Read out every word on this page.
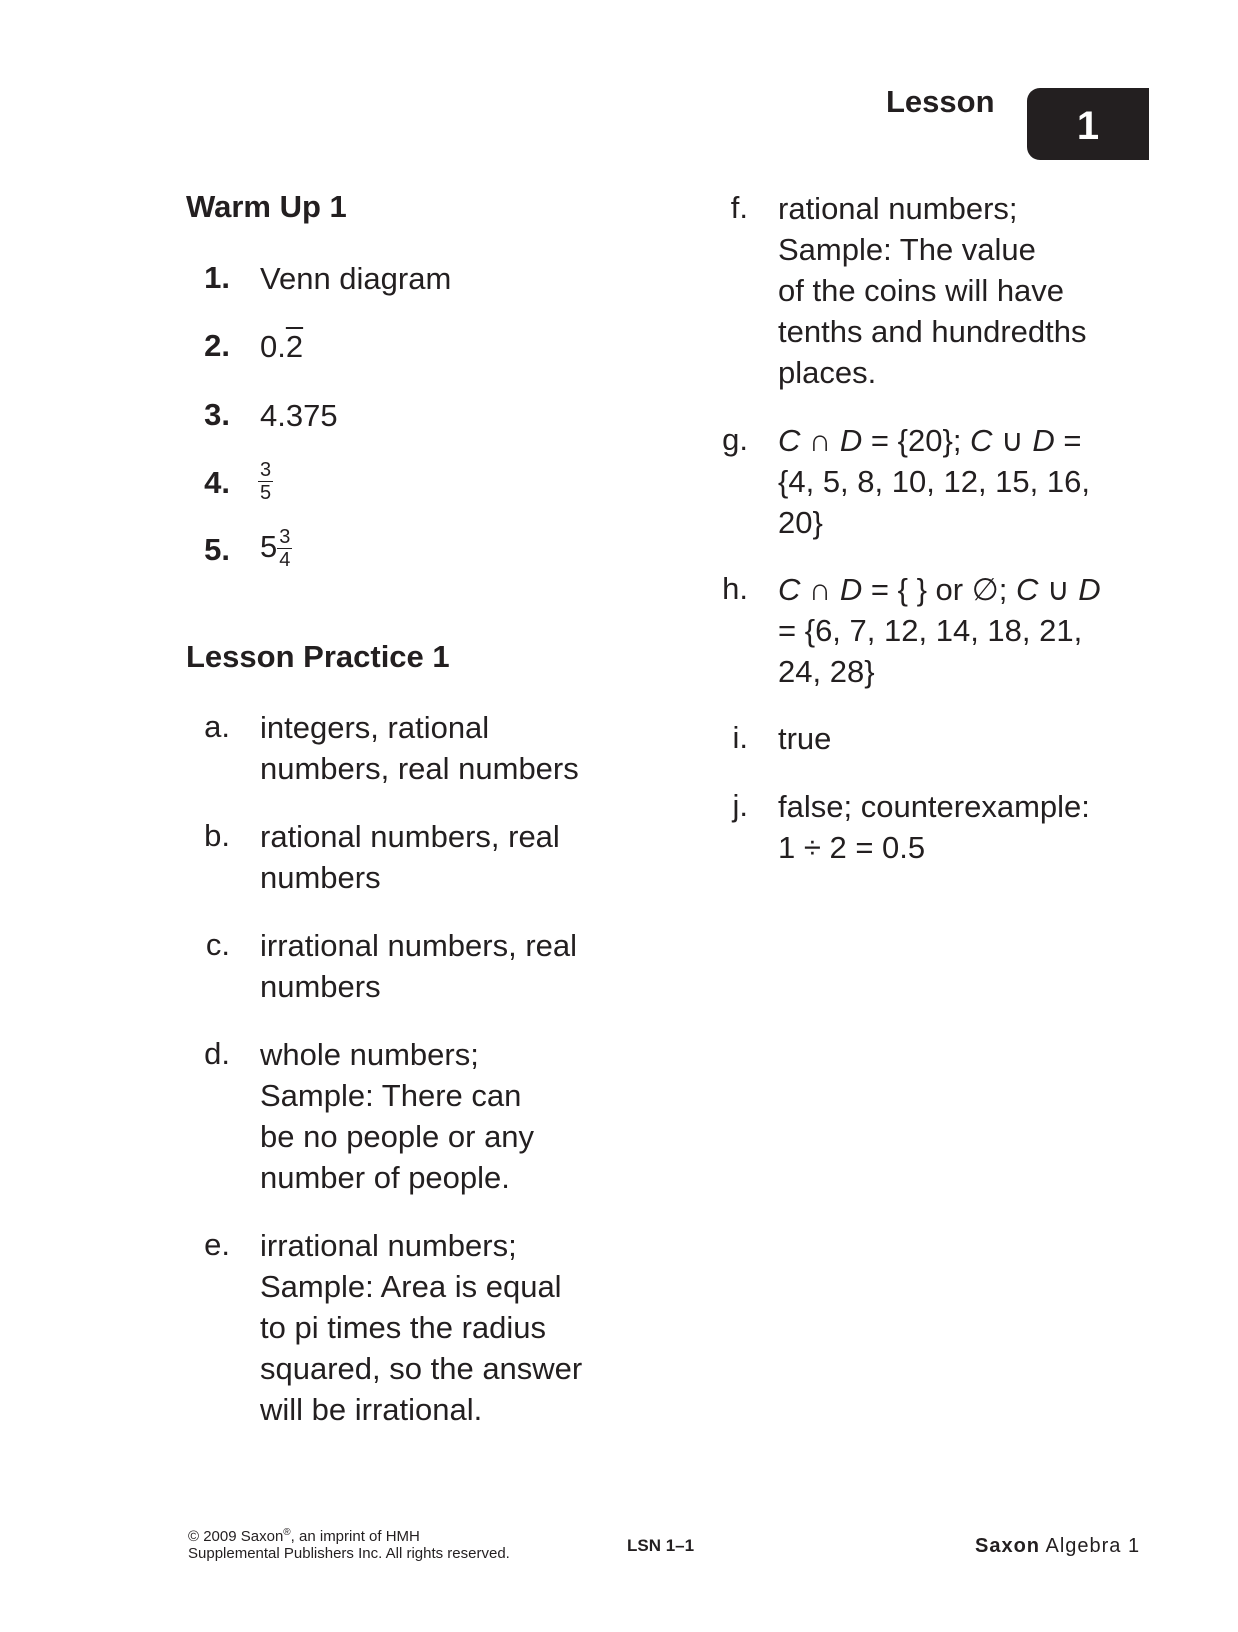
Lesson
1
Warm Up 1
1. Venn diagram
2. 0.2
3. 4.375
4. $\frac{3}{5}$
5. $5 \frac{3}{4}$
Lesson Practice 1
a. integers, rational
numbers, real numbers
b. rational numbers, real
numbers
c. irrational numbers, real
numbers
d. whole numbers;
Sample: There can
be no people or any
number of people.
e. irrational numbers;
Sample: Area is equal
to pi times the radius
squared, so the answer
will be irrational.
f. rational numbers;
Sample: The value
of the coins will have
tenths and hundredths
places.
g. C ∩ D = {20}; C ∪ D =
{4, 5, 8, 10, 12, 15, 16,
20}
h. C ∩ D = { } or ∅; C ∪ D
= {6, 7, 12, 14, 18, 21,
24, 28}
i. true
j. false; counterexample:
1 ÷ 2 = 0.5
© 2009 Saxon®, an imprint of HMH
Supplemental Publishers Inc. All rights reserved.	LSN 1–1	Saxon Algebra 1
